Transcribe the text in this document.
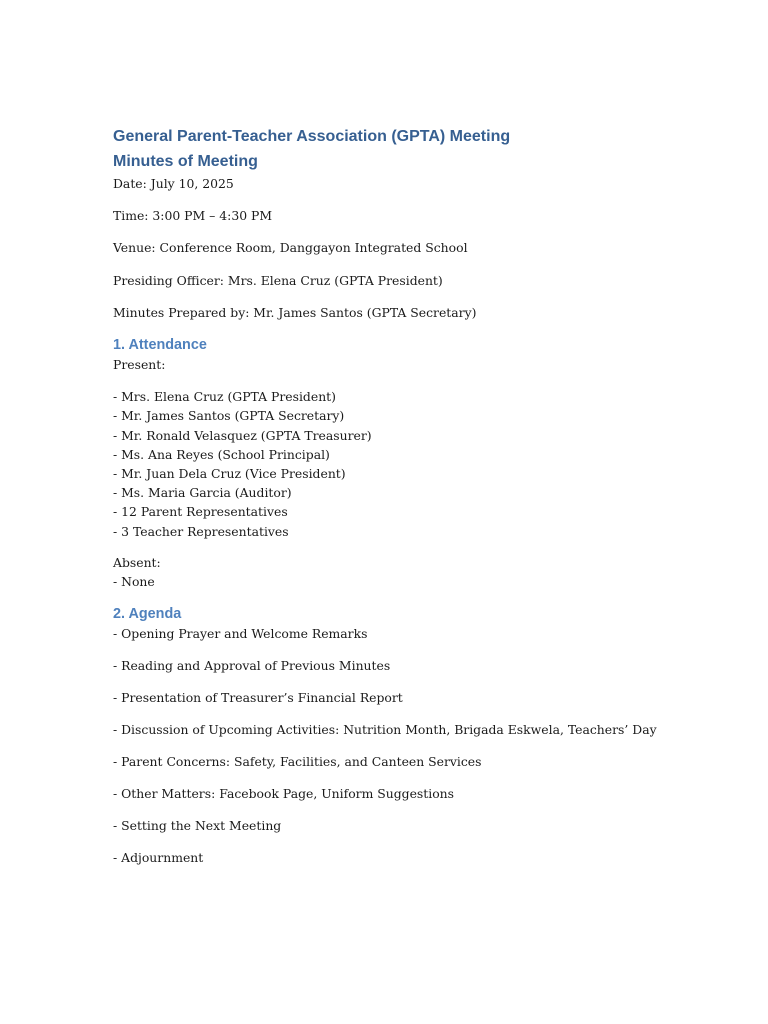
General Parent-Teacher Association (GPTA) Meeting
Minutes of Meeting

Date: July 10, 2025

Time: 3:00 PM – 4:30 PM

Venue: Conference Room, Danggayon Integrated School

Presiding Officer: Mrs. Elena Cruz (GPTA President)

Minutes Prepared by: Mr. James Santos (GPTA Secretary)

1. Attendance

Present:

- Mrs. Elena Cruz (GPTA President)
- Mr. James Santos (GPTA Secretary)
- Mr. Ronald Velasquez (GPTA Treasurer)
- Ms. Ana Reyes (School Principal)
- Mr. Juan Dela Cruz (Vice President)
- Ms. Maria Garcia (Auditor)
- 12 Parent Representatives
- 3 Teacher Representatives

Absent:

- None
2. Agenda
- Opening Prayer and Welcome Remarks
- Reading and Approval of Previous Minutes
- Presentation of Treasurer’s Financial Report
- Discussion of Upcoming Activities: Nutrition Month, Brigada Eskwela, Teachers’ Day
- Parent Concerns: Safety, Facilities, and Canteen Services
- Other Matters: Facebook Page, Uniform Suggestions
- Setting the Next Meeting
- Adjournment
